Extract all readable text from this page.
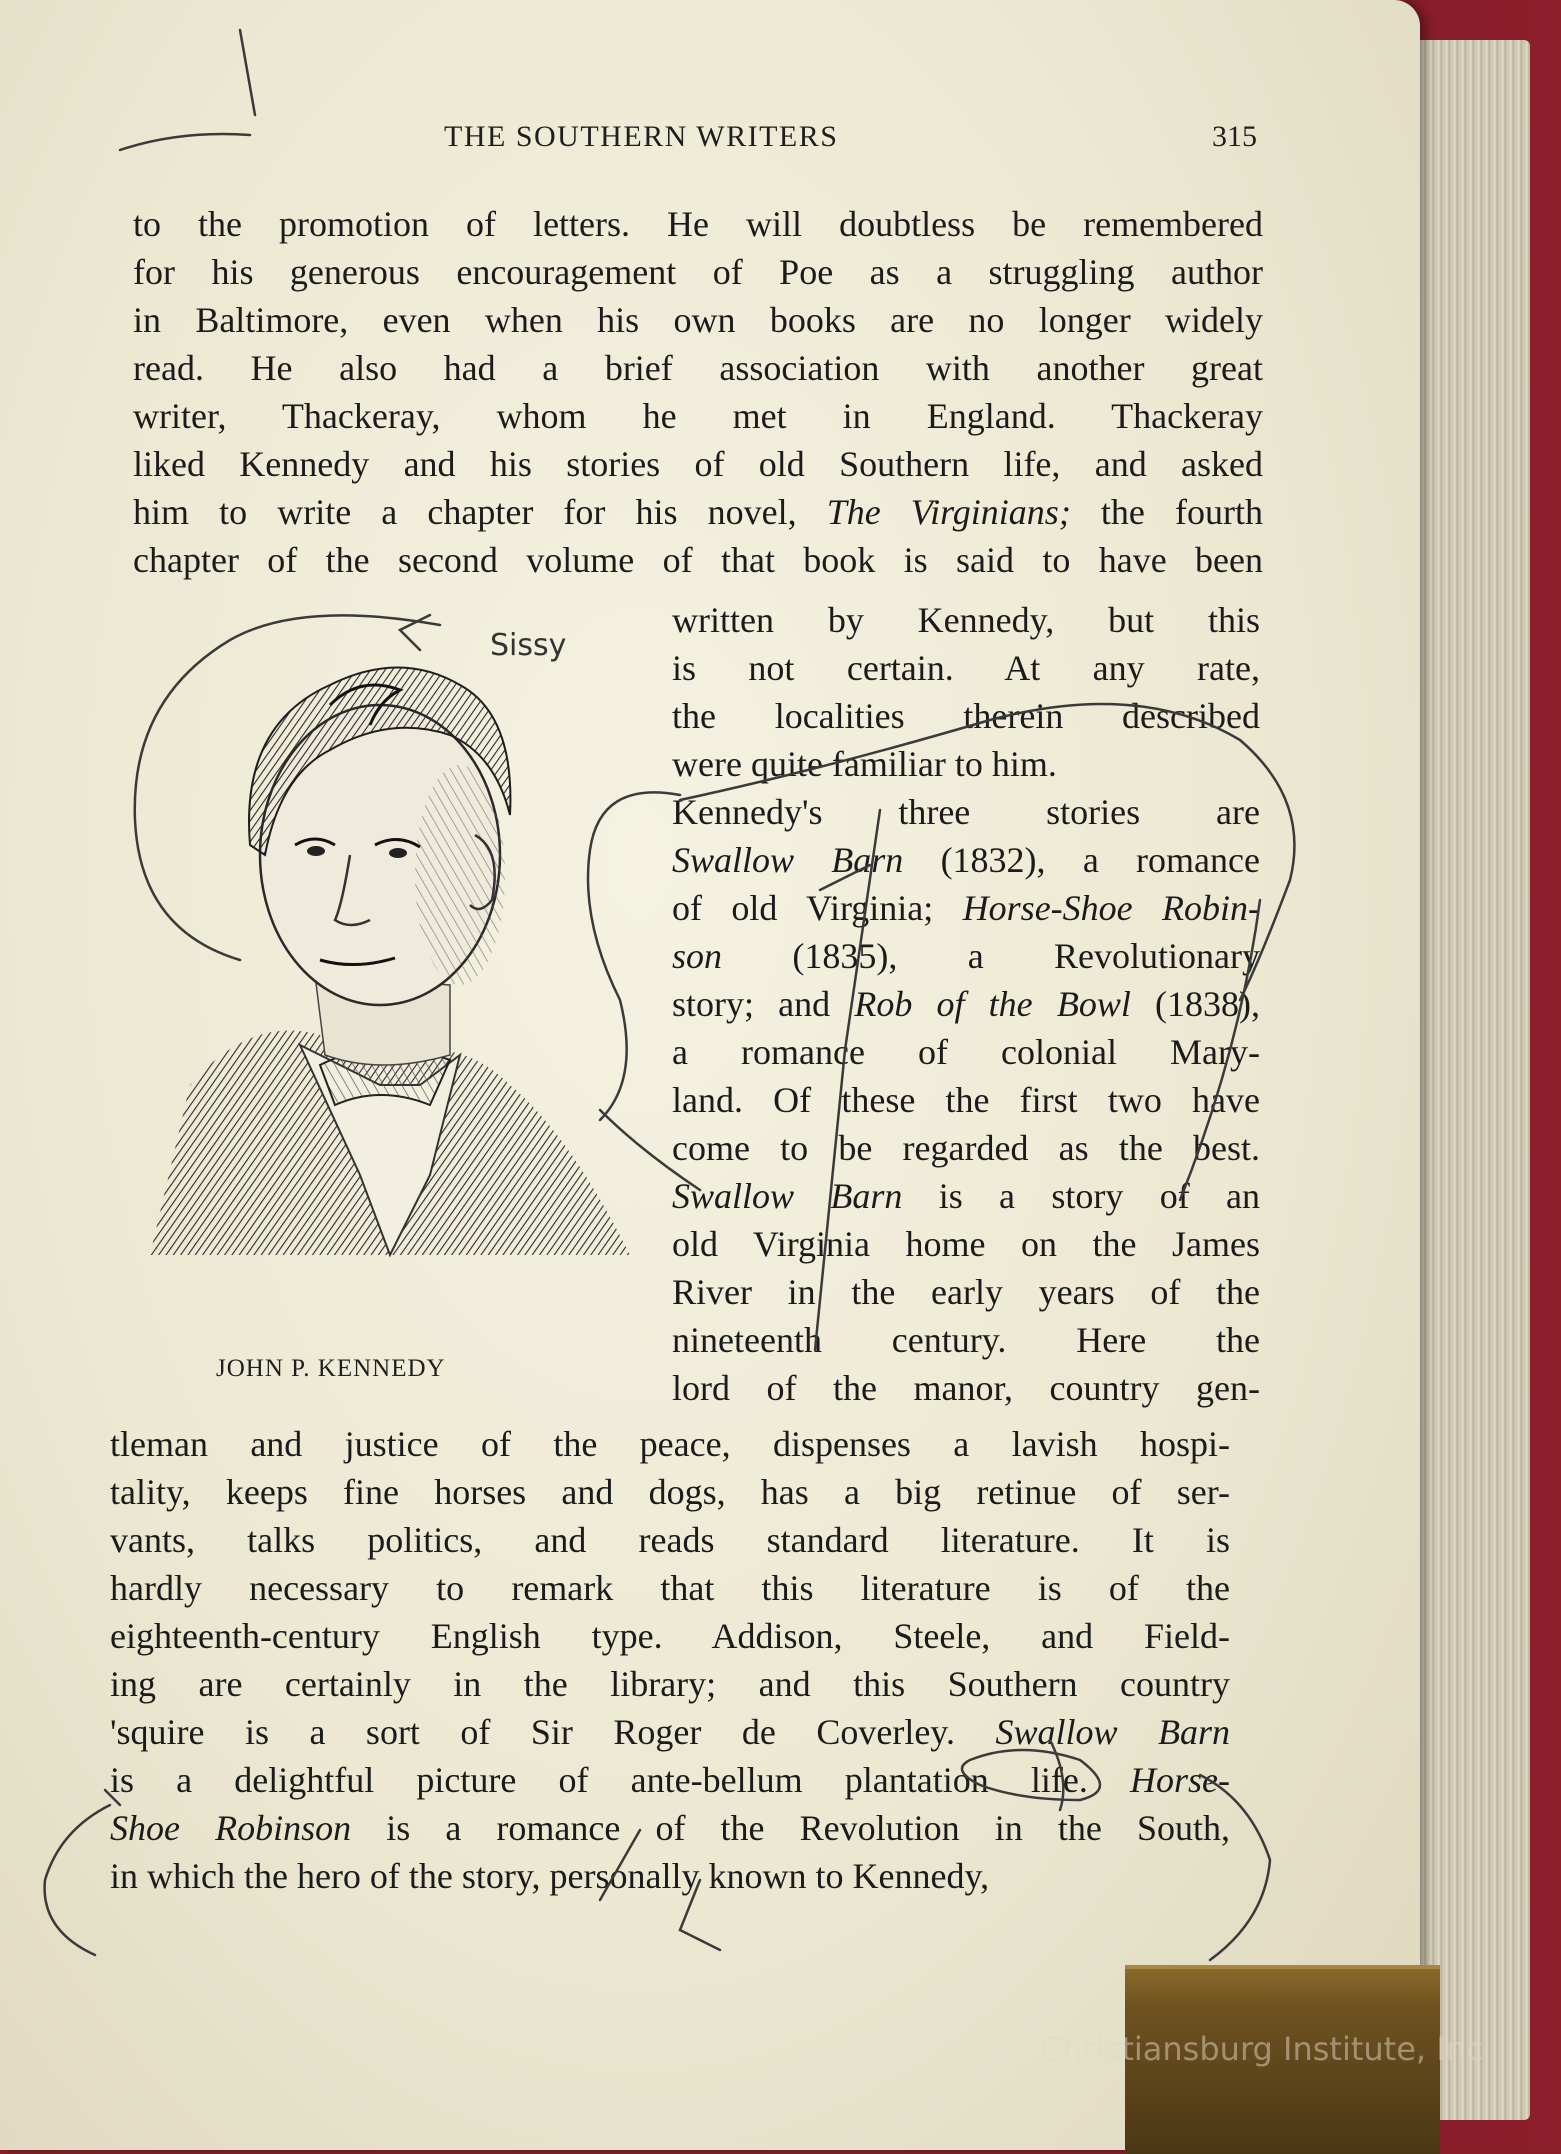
THE SOUTHERN WRITERS	315
to the promotion of letters. He will doubtless be remembered
for his generous encouragement of Poe as a struggling author
in Baltimore, even when his own books are no longer widely
read. He also had a brief association with another great
writer, Thackeray, whom he met in England. Thackeray
liked Kennedy and his stories of old Southern life, and asked
him to write a chapter for his novel, The Virginians; the fourth
chapter of the second volume of that book is said to have been
written by Kennedy, but this
is not certain. At any rate,
the localities therein described
were quite familiar to him.
Kennedy's three stories are
Swallow Barn (1832), a romance
of old Virginia; Horse-Shoe Robin-
son (1835), a Revolutionary
story; and Rob of the Bowl (1838),
a romance of colonial Mary-
land. Of these the first two have
come to be regarded as the best.
Swallow Barn is a story of an
old Virginia home on the James
River in the early years of the
nineteenth century. Here the
lord of the manor, country gen-
tleman and justice of the peace, dispenses a lavish hospi-
tality, keeps fine horses and dogs, has a big retinue of ser-
vants, talks politics, and reads standard literature. It is
hardly necessary to remark that this literature is of the
eighteenth-century English type. Addison, Steele, and Field-
ing are certainly in the library; and this Southern country
'squire is a sort of Sir Roger de Coverley. Swallow Barn
is a delightful picture of ante-bellum plantation life. Horse-
Shoe Robinson is a romance of the Revolution in the South,
in which the hero of the story, personally known to Kennedy,
JOHN P. KENNEDY
Sissy
Christiansburg Institute, Inc
